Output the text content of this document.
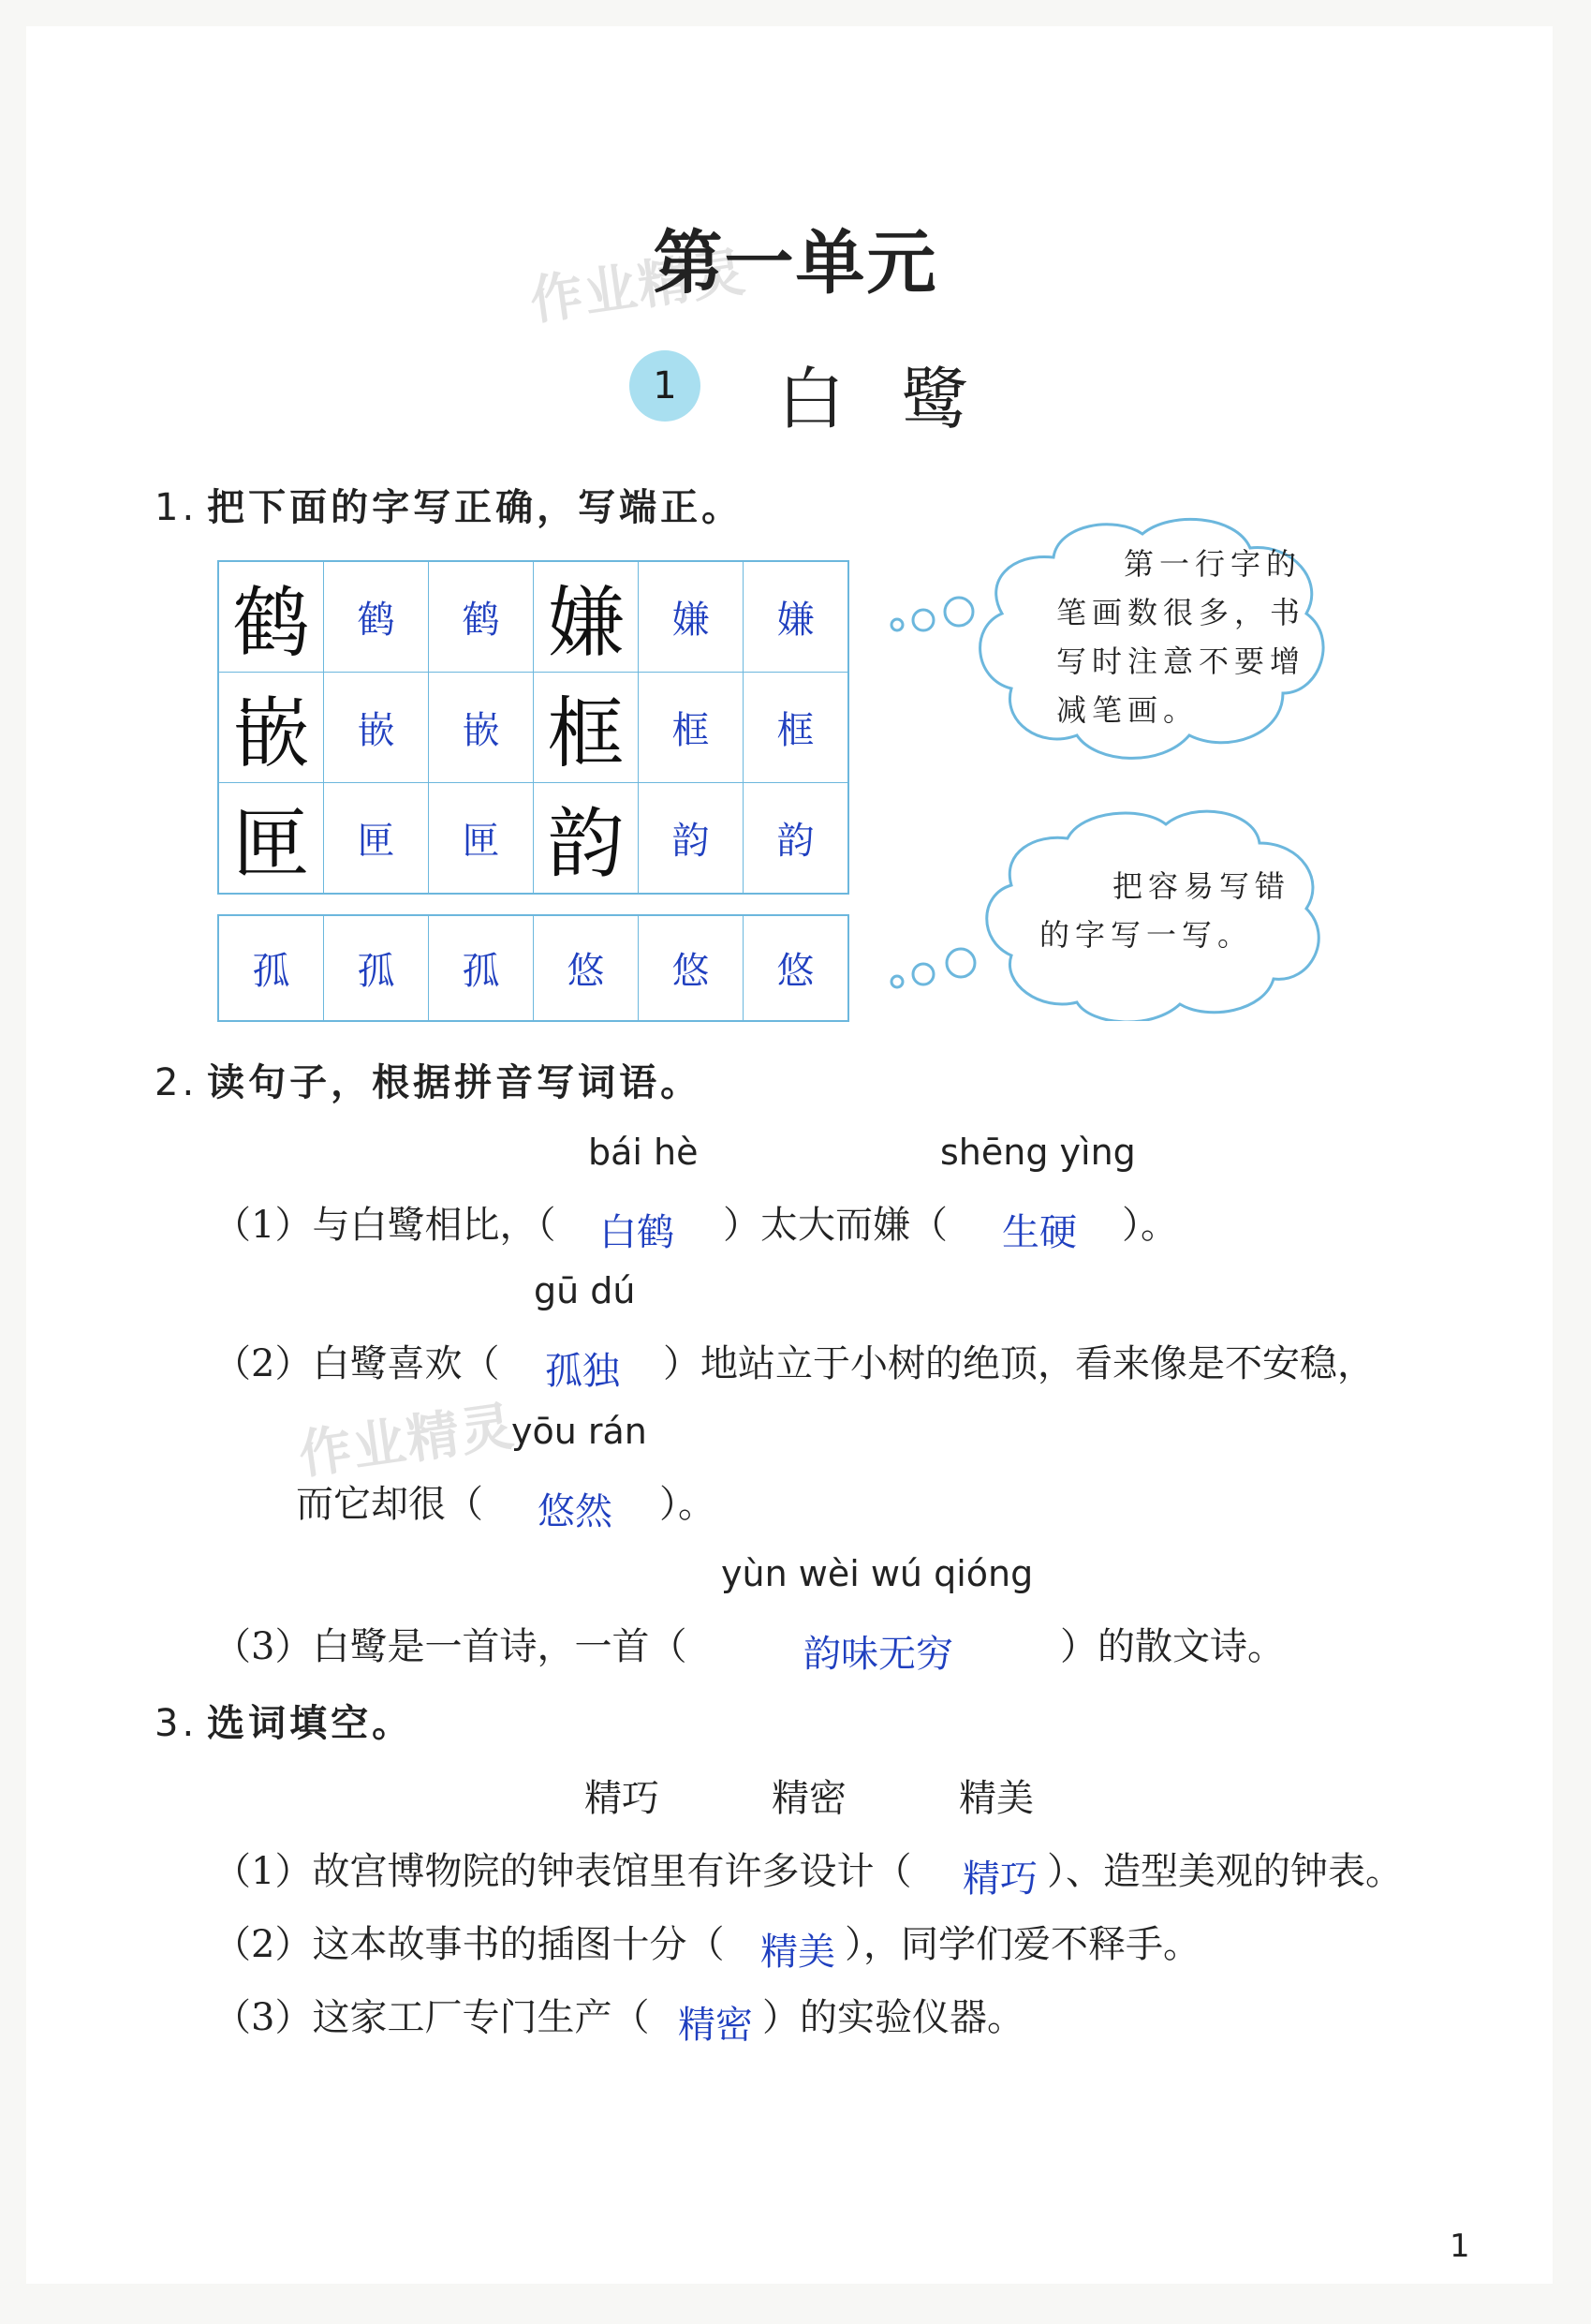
作业精灵
作业精灵
第一单元
1	白鹭
1. 把下面的字写正确，写端正。
鹤	鹤	鹤	嫌	嫌	嫌
嵌	嵌	嵌	框	框	框
匣	匣	匣	韵	韵	韵
孤	孤	孤	悠	悠	悠
第一行字的笔画数很多，书写时注意不要增减笔画。
把容易写错的字写一写。
2. 读句子，根据拼音写词语。
bái hè	shēng yìng
（1）与白鹭相比，（ 白鹤 ）太大而嫌（ 生硬 ）。
gū dú
（2）白鹭喜欢（ 孤独 ）地站立于小树的绝顶，看来像是不安稳，
yōu rán
而它却很（ 悠然 ）。
yùn wèi wú qióng
（3）白鹭是一首诗，一首（	韵味无穷	）的散文诗。
3. 选词填空。
精巧	精密	精美
（1）故宫博物院的钟表馆里有许多设计（ 精巧 ）、造型美观的钟表。
（2）这本故事书的插图十分（ 精美 ），同学们爱不释手。
（3）这家工厂专门生产（ 精密 ）的实验仪器。
1
